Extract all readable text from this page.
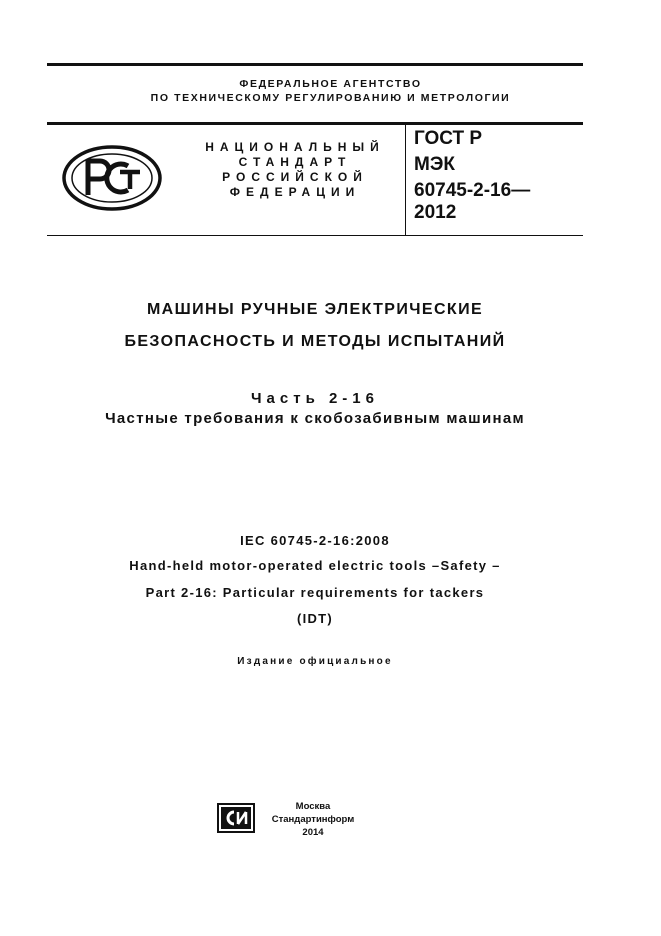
ФЕДЕРАЛЬНОЕ АГЕНТСТВО
ПО ТЕХНИЧЕСКОМУ РЕГУЛИРОВАНИЮ И МЕТРОЛОГИИ
НАЦИОНАЛЬНЫЙ
СТАНДАРТ
РОССИЙСКОЙ
ФЕДЕРАЦИИ
ГОСТ Р
МЭК
60745-2-16—
2012
МАШИНЫ РУЧНЫЕ ЭЛЕКТРИЧЕСКИЕ
БЕЗОПАСНОСТЬ И МЕТОДЫ ИСПЫТАНИЙ
Часть 2-16
Частные требования к скобозабивным машинам
IEC 60745-2-16:2008
Hand-held motor-operated electric tools –Safety –
Part 2-16: Particular requirements for tackers
(IDT)
Издание официальное
Москва
Стандартинформ
2014
